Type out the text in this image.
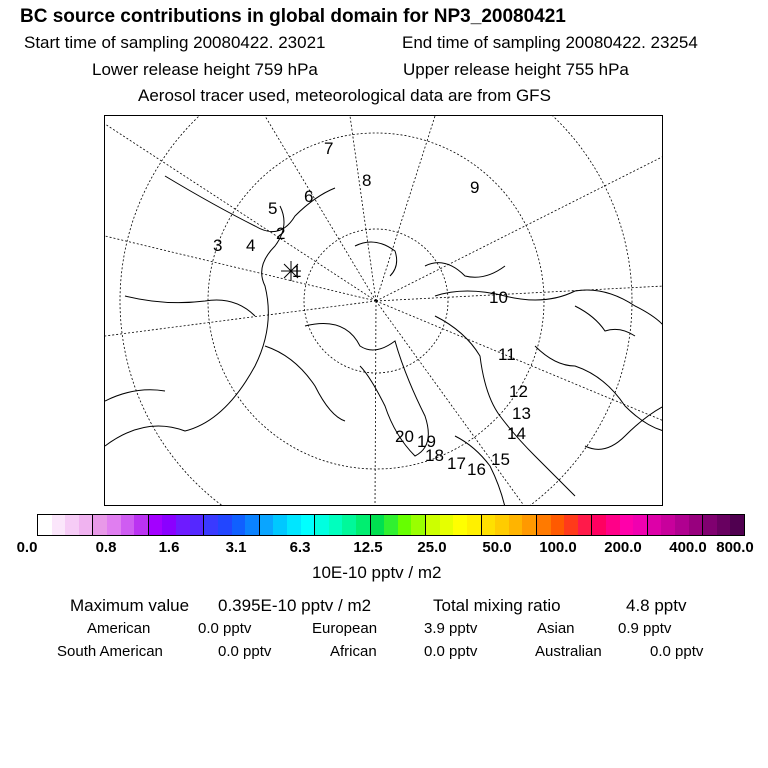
BC source contributions in global domain for NP3_20080421
Start time of sampling 20080422. 23021	End time of sampling 20080422. 23254
Lower release height 759 hPa	Upper release height 755 hPa
Aerosol tracer used, meteorological data are from GFS
1
2
3 4
5
6
7
8	9
10
11
12
13
14
15
16
17
18
19
20
0.0	0.8	1.6	3.1	6.3	12.5 25.0 50.0 100.0 200.0 400.0 800.0
10E-10 pptv / m2
Maximum value 0.395E-10 pptv / m2	Total mixing ratio	4.8 pptv
American	0.0 pptv	European	3.9 pptv	Asian	0.9 pptv
South American	0.0 pptv	African	0.0 pptv	Australian	0.0 pptv
